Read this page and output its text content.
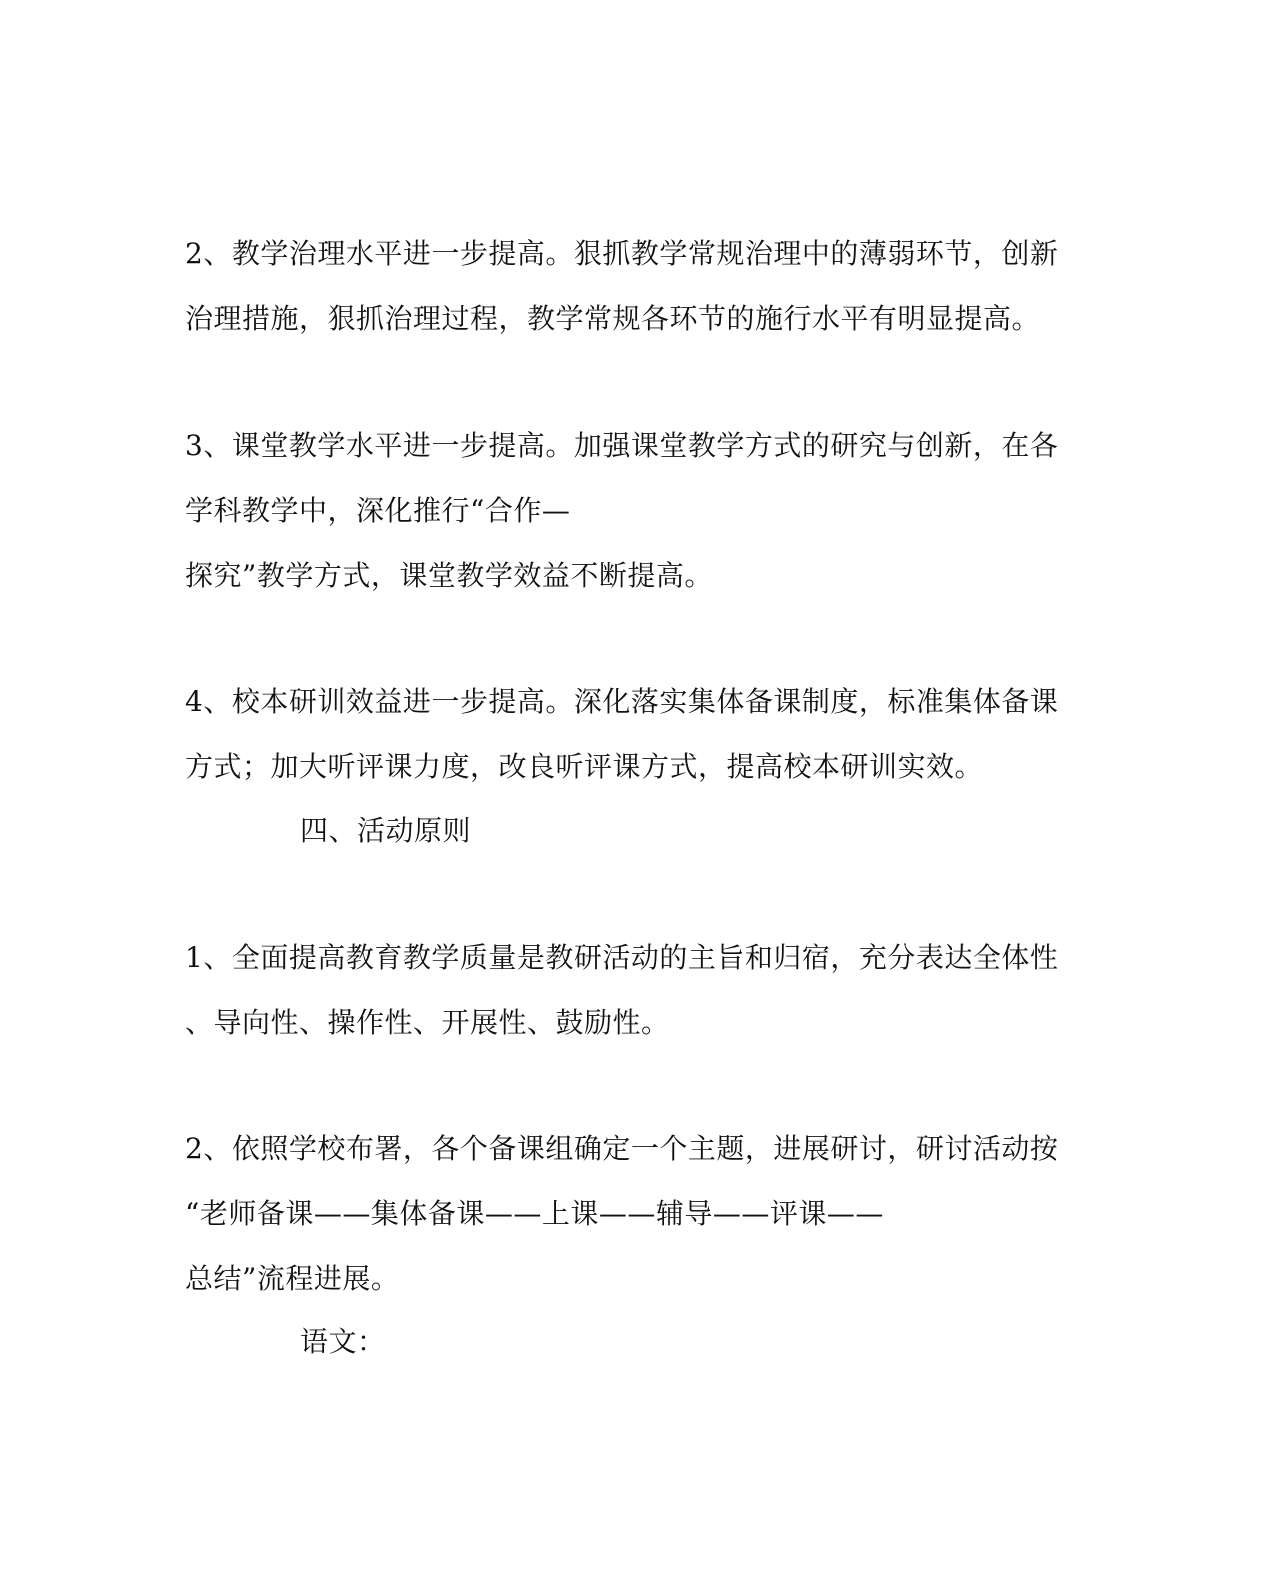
2、教学治理水平进一步提高。狠抓教学常规治理中的薄弱环节，创新
治理措施，狠抓治理过程，教学常规各环节的施行水平有明显提高。
3、课堂教学水平进一步提高。加强课堂教学方式的研究与创新，在各
学科教学中，深化推行“合作—
探究”教学方式，课堂教学效益不断提高。
4、校本研训效益进一步提高。深化落实集体备课制度，标准集体备课
方式；加大听评课力度，改良听评课方式，提高校本研训实效。
四、活动原则
1、全面提高教育教学质量是教研活动的主旨和归宿，充分表达全体性
、导向性、操作性、开展性、鼓励性。
2、依照学校布署，各个备课组确定一个主题，进展研讨，研讨活动按
“老师备课——集体备课——上课——辅导——评课——
总结”流程进展。
语文：
